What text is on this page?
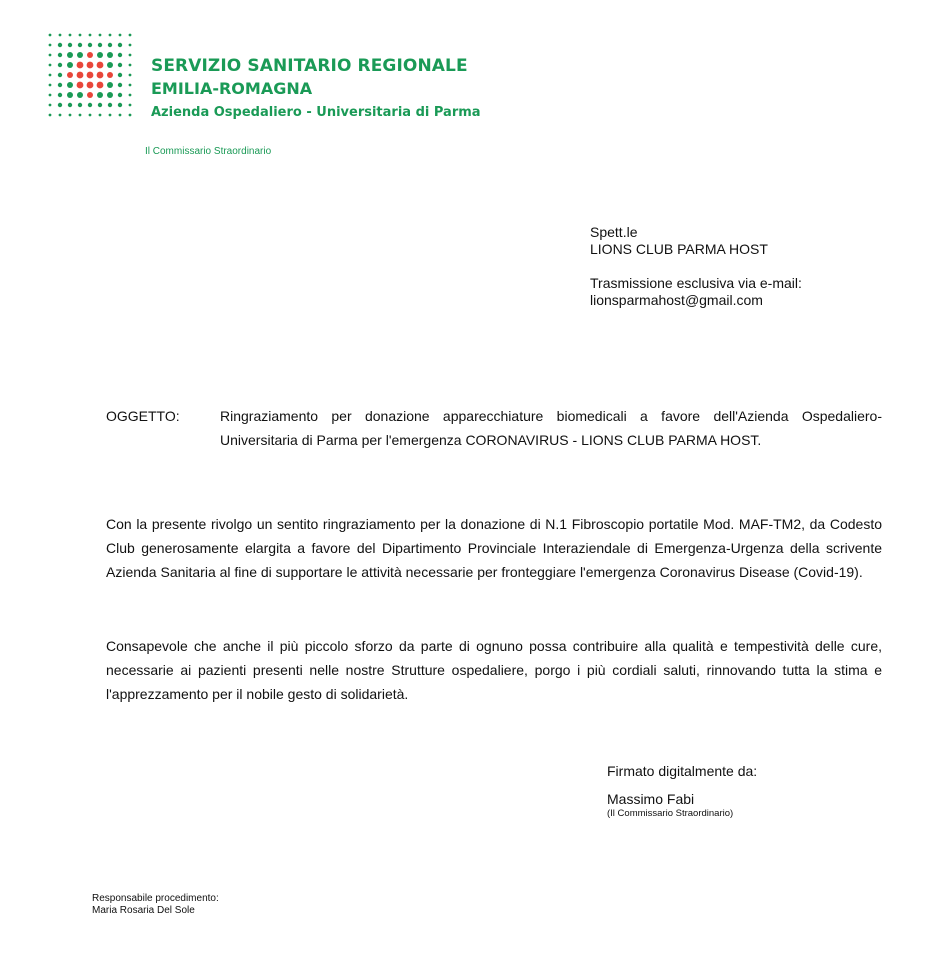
SERVIZIO SANITARIO REGIONALE
EMILIA-ROMAGNA
Azienda Ospedaliero - Universitaria di Parma
Il Commissario Straordinario
Spett.le
LIONS CLUB PARMA HOST
Trasmissione esclusiva via e-mail:
lionsparmahost@gmail.com
OGGETTO:	Ringraziamento per donazione apparecchiature biomedicali a favore dell'Azienda Ospedaliero-Universitaria di Parma per l'emergenza CORONAVIRUS - LIONS CLUB PARMA HOST.

Con la presente rivolgo un sentito ringraziamento per la donazione di N.1 Fibroscopio portatile Mod. MAF-TM2, da Codesto Club generosamente elargita a favore del Dipartimento Provinciale Interaziendale di Emergenza-Urgenza della scrivente Azienda Sanitaria al fine di supportare le attività necessarie per fronteggiare l'emergenza Coronavirus Disease (Covid-19).

Consapevole che anche il più piccolo sforzo da parte di ognuno possa contribuire alla qualità e tempestività delle cure, necessarie ai pazienti presenti nelle nostre Strutture ospedaliere, porgo i più cordiali saluti, rinnovando tutta la stima e l'apprezzamento per il nobile gesto di solidarietà.

Firmato digitalmente da:
Massimo Fabi
(Il Commissario Straordinario)
Responsabile procedimento:
Maria Rosaria Del Sole
